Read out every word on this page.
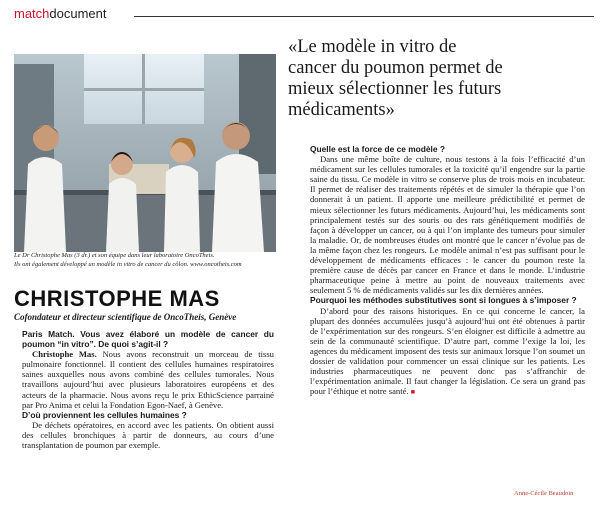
matchdocument

Le Dr Christophe Mas (3 dr.) et son équipe dans leur laboratoire OncoTheis.

Ils ont également développé un modèle in vitro de cancer du côlon. www.oncotheis.com

«Le modèle in vitro de
cancer du poumon permet de
mieux sélectionner les futurs
médicaments»
CHRISTOPHE MAS
Cofondateur et directeur scientifique de OncoTheis, Genève

Paris Match. Vous avez élaboré un modèle de cancer du poumon “in vitro”. De quoi s’agit-il ?

Christophe Mas. Nous avons reconstruit un morceau de tissu pulmonaire fonctionnel. Il contient des cellules humaines respiratoires saines auxquelles nous avons combiné des cellules tumorales. Nous travaillons aujourd’hui avec plusieurs laboratoires européens et des acteurs de la pharmacie. Nous avons reçu le prix EthicScience parrainé par Pro Anima et celui la Fondation Egon-Naef, à Genève.

D’où proviennent les cellules humaines ?

De déchets opératoires, en accord avec les patients. On obtient aussi des cellules bronchiques à partir de donneurs, au cours d’une transplantation de poumon par exemple.

Quelle est la force de ce modèle ?

Dans une même boîte de culture, nous testons à la fois l’efficacité d’un médicament sur les cellules tumorales et la toxicité qu’il engendre sur la partie saine du tissu. Ce modèle in vitro se conserve plus de trois mois en incubateur. Il permet de réaliser des traitements répétés et de simuler la thérapie que l’on donnerait à un patient. Il apporte une meilleure prédictibilité et permet de mieux sélectionner les futurs médicaments. Aujourd’hui, les médicaments sont principalement testés sur des souris ou des rats génétiquement modifiés de façon à développer un cancer, ou à qui l’on implante des tumeurs pour simuler la maladie. Or, de nombreuses études ont montré que le cancer n’évolue pas de la même façon chez les rongeurs. Le modèle animal n’est pas suffisant pour le développement de médicaments efficaces : le cancer du poumon reste la première cause de décès par cancer en France et dans le monde. L’industrie pharmaceutique peine à mettre au point de nouveaux traitements avec seulement 5 % de médicaments validés sur les dix dernières années.

Pourquoi les méthodes substitutives sont si longues à s’imposer ?

D’abord pour des raisons historiques. En ce qui concerne le cancer, la plupart des données accumulées jusqu’à aujourd’hui ont été obtenues à partir de l’expérimentation sur des rongeurs. S’en éloigner est difficile à admettre au sein de la communauté scientifique. D’autre part, comme l’exige la loi, les agences du médicament imposent des tests sur animaux lorsque l’on soumet un dossier de validation pour commencer un essai clinique sur les patients. Les industries pharmaceutiques ne peuvent donc pas s’affranchir de l’expérimentation animale. Il faut changer la législation. Ce sera un grand pas pour l’éthique et notre santé. ■

Anne-Cécile Beaudoin
